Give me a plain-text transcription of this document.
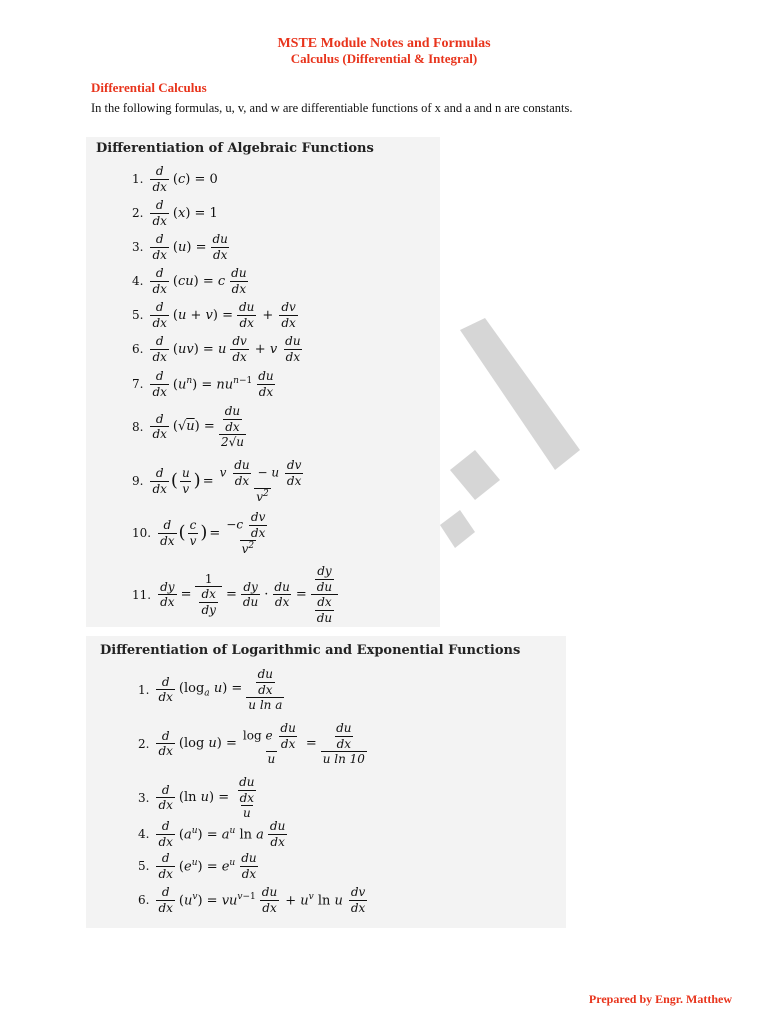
MSTE Module Notes and Formulas
Calculus (Differential & Integral)
Differential Calculus
In the following formulas, u, v, and w are differentiable functions of x and a and n are constants.
Differentiation of Algebraic Functions
1.
d
dx (c) = 0
2.
d
dx (x) = 1
3.
d
dx $(u) = \frac{du}{dx}$
4.
d
dx (cu) = c
du
dx
5.
d
dx $(u + v) = \frac{du}{dx} + \frac{dv}{dx}$
6.
d
dx (uv) = u
dv
dx + v
du
dx
7.
d
dx $(u^n) = nu^{n-1}$ du
dx
8.
d
dx $(√u) = \frac{du}{dx}$
2√u
9.
d
dx ( u
v ) =
v $\frac{du}{dx} - u \frac{dv}{dx}$
$v^2$
10.
d
dx ( c
v ) =
$-c \frac{dv}{dx}$
$v^2$
11. $\frac{dy}{dx}$ =
1
$\frac{dx}{dy} = \frac{dy}{du} \cdot \frac{du}{dx}$ =
$\frac{dy}{du}$
$\frac{dx}{du}$
Differentiation of Logarithmic and Exponential Functions
1.
d
dx
($\log_a$ $u) = \frac{du}{dx}$
u ln a
2.
d
dx (log u) =
log e $\frac{du}{dx}$
u
= $\frac{du}{dx}$
u ln 10
3.
d
dx (ln $u) = \frac{du}{dx}$
u
4.
d
dx $(a^u) = a^u$ ln a
du
dx
5.
d
dx $(e^u) = e^u$ du
dx
6.
d
dx $(u^v) = vu^{v-1}$ du
dx + $u^v$ ln u
dv
dx
Prepared by Engr. Matthew
